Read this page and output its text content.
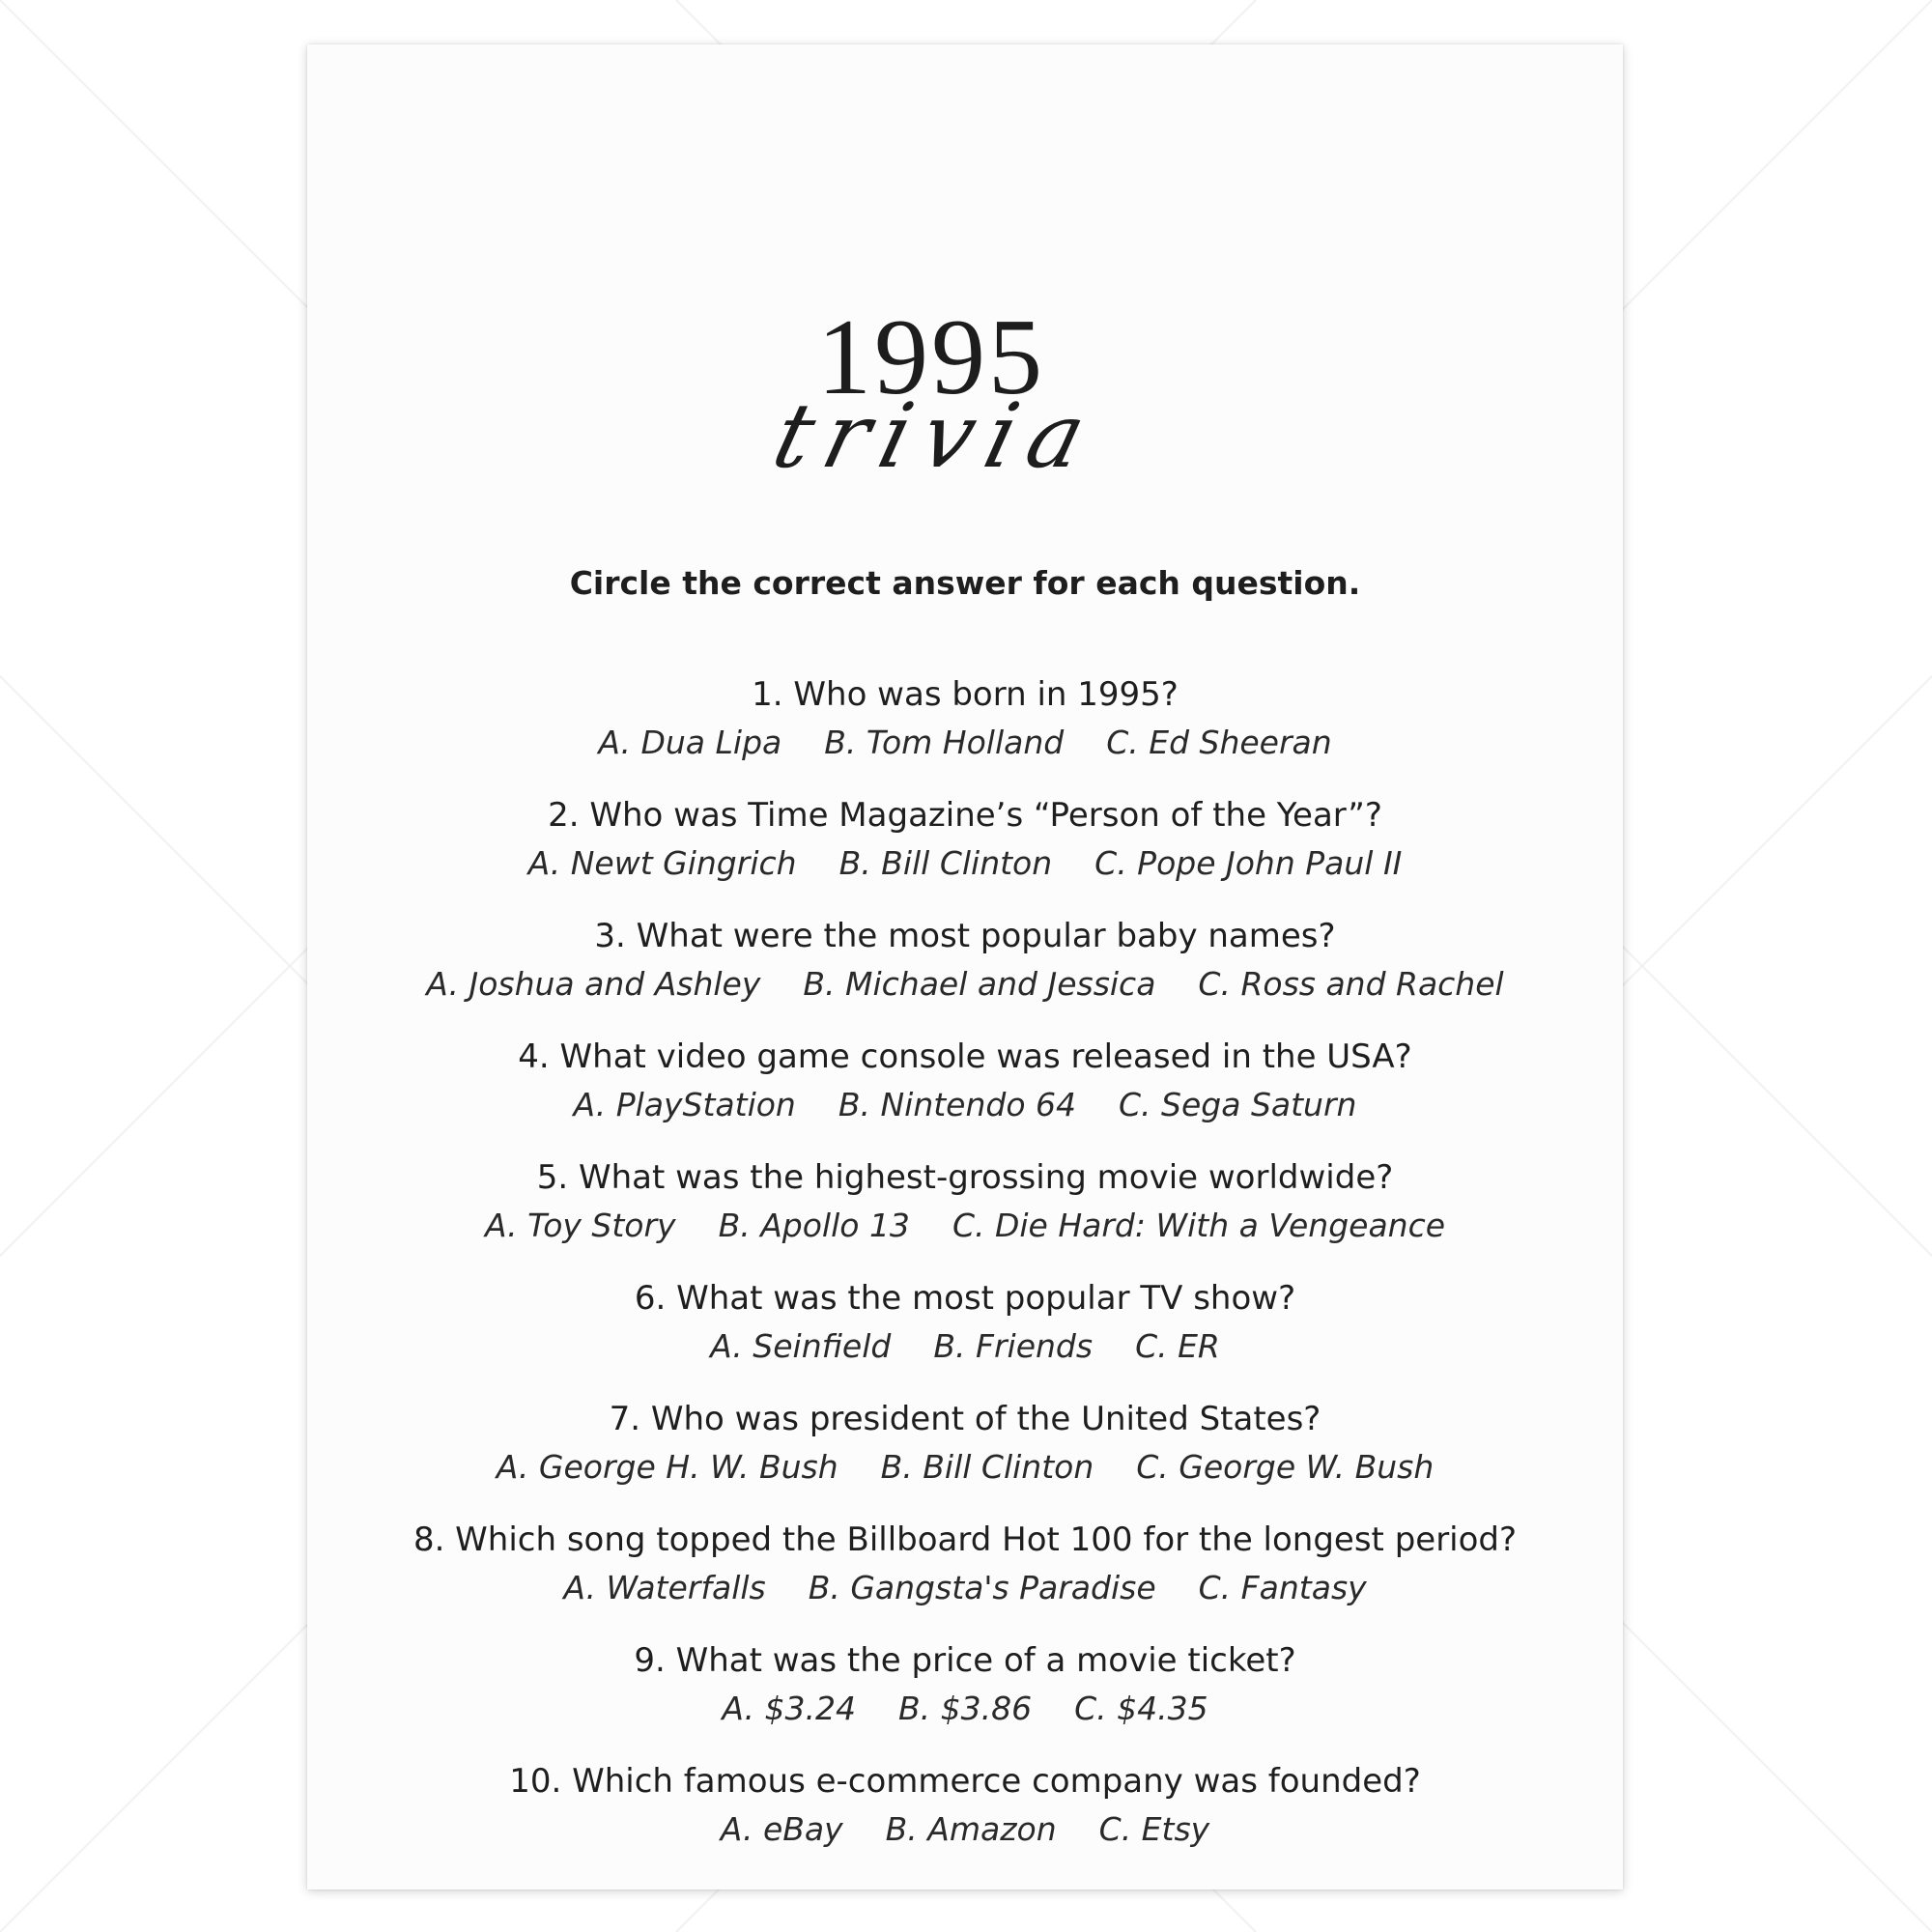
1995
trivia
Circle the correct answer for each question.
1. Who was born in 1995?
A. Dua Lipa B. Tom Holland C. Ed Sheeran
2. Who was Time Magazine’s “Person of the Year”?
A. Newt Gingrich B. Bill Clinton C. Pope John Paul II
3. What were the most popular baby names?
A. Joshua and Ashley B. Michael and Jessica C. Ross and Rachel
4. What video game console was released in the USA?
A. PlayStation B. Nintendo 64 C. Sega Saturn
5. What was the highest-grossing movie worldwide?
A. Toy Story B. Apollo 13 C. Die Hard: With a Vengeance
6. What was the most popular TV show?
A. Seinfield B. Friends C. ER
7. Who was president of the United States?
A. George H. W. Bush B. Bill Clinton C. George W. Bush
8. Which song topped the Billboard Hot 100 for the longest period?
A. Waterfalls B. Gangsta's Paradise C. Fantasy
9. What was the price of a movie ticket?
A. $3.24 B. $3.86 C. $4.35
10. Which famous e-commerce company was founded?
A. eBay B. Amazon C. Etsy
